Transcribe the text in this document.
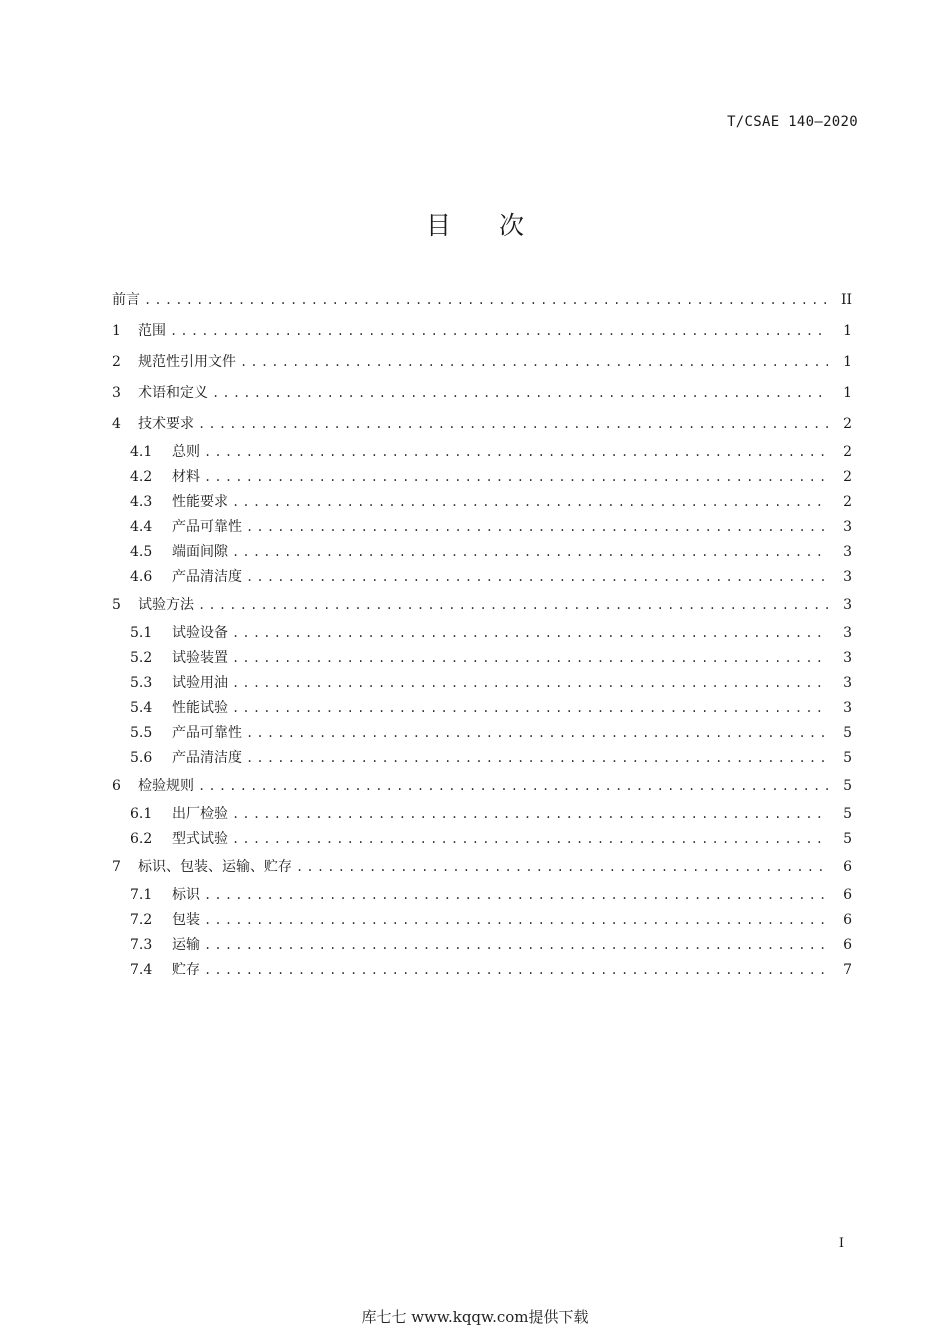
T/CSAE 140—2020
目 次
前言 .....	II
1	范围 .....	1
2	规范性引用文件 .....	1
3	术语和定义 .....	1
4	技术要求 .....	2
4.1	总则 .....	2
4.2	材料 .....	2
4.3	性能要求 .....	2
4.4	产品可靠性 .....	3
4.5	端面间隙 .....	3
4.6	产品清洁度 .....	3
5	试验方法 .....	3
5.1	试验设备 .....	3
5.2	试验装置 .....	3
5.3	试验用油 .....	3
5.4	性能试验 .....	3
5.5	产品可靠性 .....	5
5.6	产品清洁度 .....	5
6	检验规则 .....	5
6.1	出厂检验 .....	5
6.2	型式试验 .....	5
7	标识、包装、运输、贮存 .....	6
7.1	标识 .....	6
7.2	包装 .....	6
7.3	运输 .....	6
7.4	贮存 .....	7
I
库七七 www.kqqw.com提供下载
